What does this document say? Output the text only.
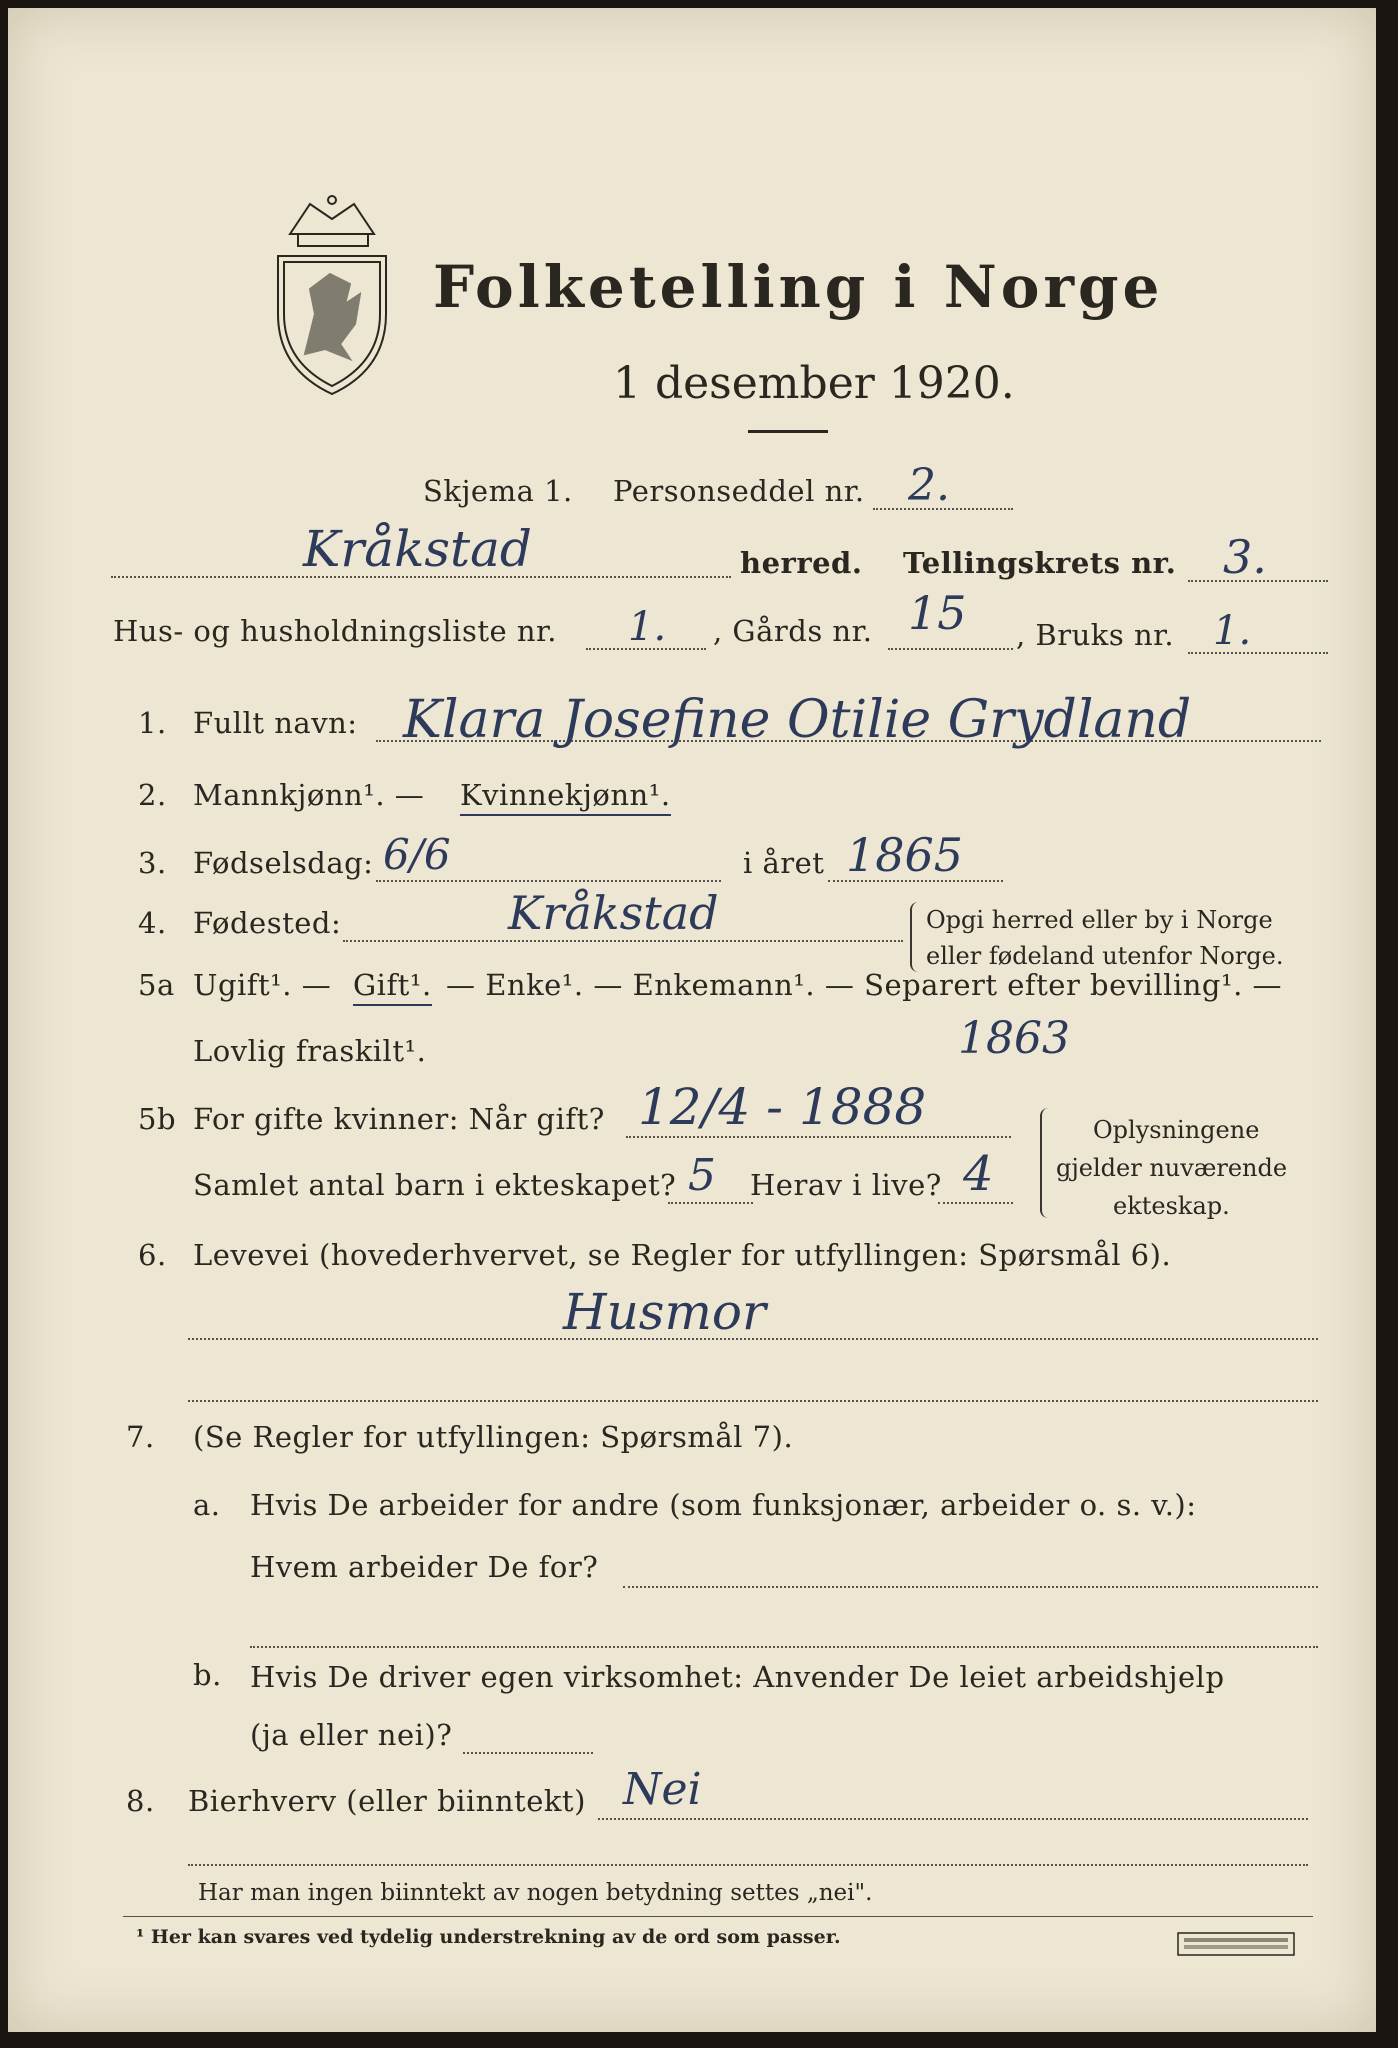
Folketelling i Norge
1 desember 1920.
Skjema 1. Personseddel nr. 2.
Kråkstad	herred. Tellingskrets nr. 3.
Hus- og husholdningsliste nr. 1. , Gårds nr. 15 , Bruks nr. 1.
1. Fullt navn: Klara Josefine Otilie Grydland
2. Mannkjønn¹. — Kvinnekjønn¹.
3. Fødselsdag: 6/6	i året 1865
4. Fødested:	Kråkstad	Opgi herred eller by i Norge
eller fødeland utenfor Norge.
5a Ugift¹. — Gift¹. — Enke¹. — Enkemann¹. — Separert efter bevilling¹. —
Lovlig fraskilt¹.	1863
5b For gifte kvinner: Når gift? 12/4 - 1888
Samlet antal barn i ekteskapet? 5 Herav i live? 4
Oplysningene
gjelder nuværende
ekteskap.
6. Levevei (hovederhvervet, se Regler for utfyllingen: Spørsmål 6).
Husmor
7. (Se Regler for utfyllingen: Spørsmål 7).
a. Hvis De arbeider for andre (som funksjonær, arbeider o. s. v.):
Hvem arbeider De for?
b. Hvis De driver egen virksomhet: Anvender De leiet arbeidshjelp
(ja eller nei)?
8. Bierhverv (eller biinntekt) Nei
Har man ingen biinntekt av nogen betydning settes „nei".
¹ Her kan svares ved tydelig understrekning av de ord som passer.
